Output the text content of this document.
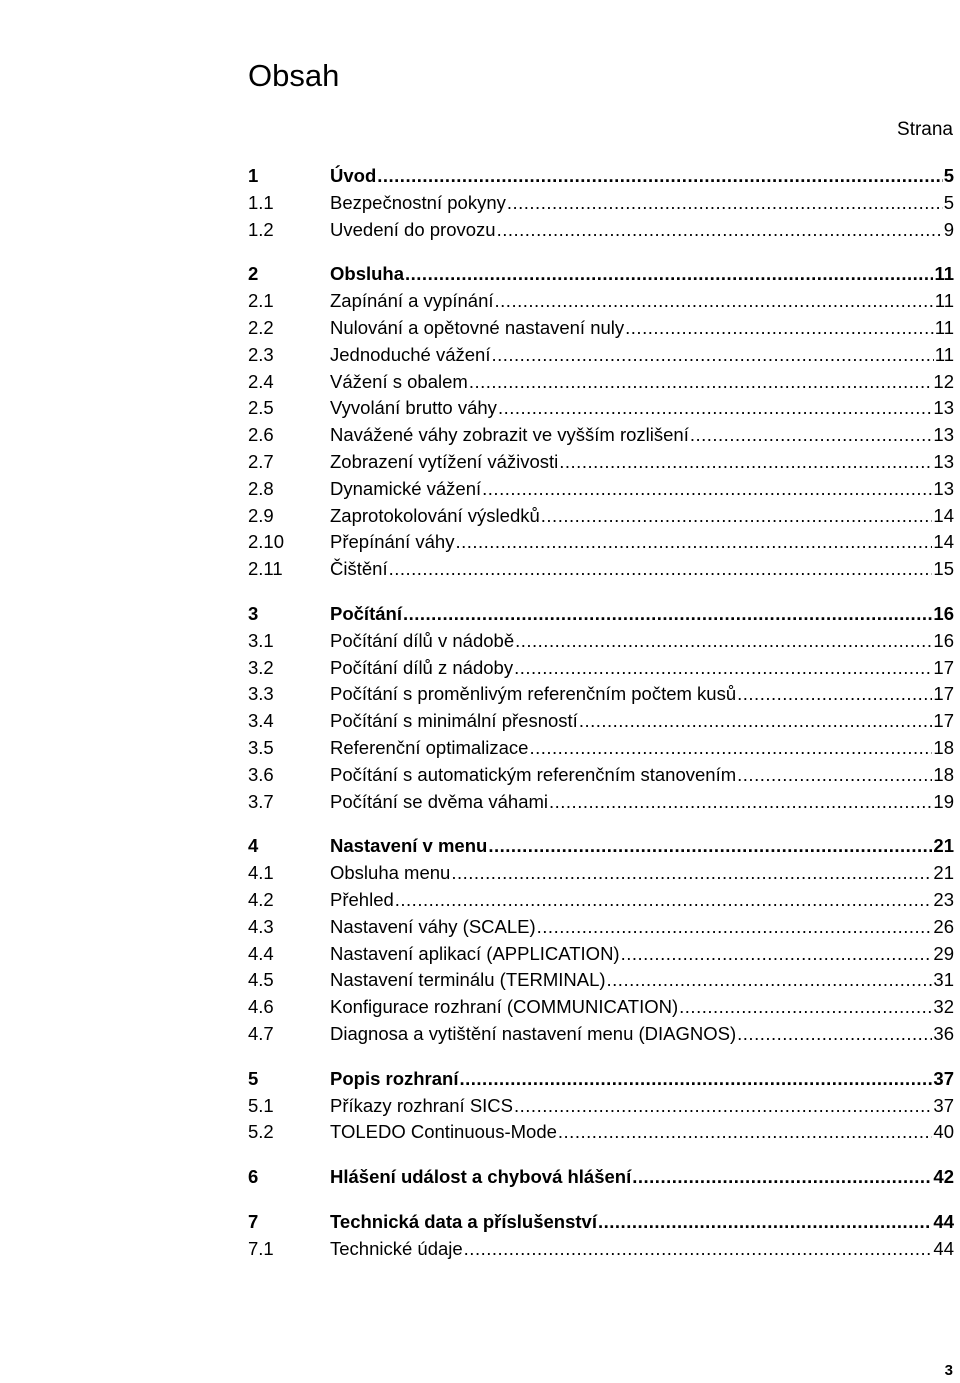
Obsah
Strana
1	Úvod .....	5
1.1	Bezpečnostní pokyny .....	5
1.2	Uvedení do provozu .....	9
2	Obsluha .....	11
2.1	Zapínání a vypínání .....	11
2.2	Nulování a opětovné nastavení nuly .....	11
2.3	Jednoduché vážení .....	11
2.4	Vážení s obalem .....	12
2.5	Vyvolání brutto váhy .....	13
2.6	Navážené váhy zobrazit ve vyšším rozlišení .....	13
2.7	Zobrazení vytížení váživosti .....	13
2.8	Dynamické vážení .....	13
2.9	Zaprotokolování výsledků .....	14
2.10	Přepínání váhy .....	14
2.11	Čištění .....	15
3	Počítání .....	16
3.1	Počítání dílů v nádobě .....	16
3.2	Počítání dílů z nádoby .....	17
3.3	Počítání s proměnlivým referenčním počtem kusů .....	17
3.4	Počítání s minimální přesností .....	17
3.5	Referenční optimalizace .....	18
3.6	Počítání s automatickým referenčním stanovením .....	18
3.7	Počítání se dvěma váhami .....	19
4	Nastavení v menu .....	21
4.1	Obsluha menu .....	21
4.2	Přehled .....	23
4.3	Nastavení váhy (SCALE) .....	26
4.4	Nastavení aplikací (APPLICATION) .....	29
4.5	Nastavení terminálu (TERMINAL) .....	31
4.6	Konfigurace rozhraní (COMMUNICATION) .....	32
4.7	Diagnosa a vytištění nastavení menu (DIAGNOS) .....	36
5	Popis rozhraní .....	37
5.1	Příkazy rozhraní SICS .....	37
5.2	TOLEDO Continuous-Mode .....	40
6	Hlášení událost a chybová hlášení .....	42
7	Technická data a příslušenství .....	44
7.1	Technické údaje .....	44
3
